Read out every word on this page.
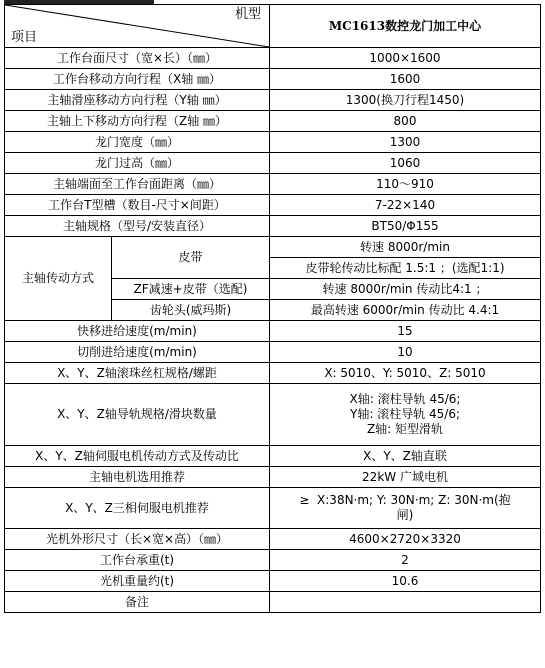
机型
项目		MC1613数控龙门加工中心
工作台面尺寸（宽×长）（㎜）		1000×1600
工作台移动方向行程（X轴 ㎜）		1600
主轴滑座移动方向行程（Y轴 ㎜）		1300(换刀行程1450)
主轴上下移动方向行程（Z轴 ㎜）		800
龙门宽度（㎜）		1300
龙门过高（㎜）		1060
主轴端面至工作台面距离（㎜）		110～910
工作台T型槽（数目-尺寸×间距）		7-22×140
主轴规格（型号/安装直径）		BT50/Φ155
主轴传动方式	皮带	转速 8000r/min
		皮带轮传动比标配 1.5:1 ；(选配1:1)
	ZF减速+皮带（选配)	转速 8000r/min 传动比4:1 ；
	齿轮头(威玛斯)	最高转速 6000r/min 传动比 4.4:1
快移进给速度(m/min)		15
切削进给速度(m/min)		10
X、Y、Z轴滚珠丝杠规格/螺距		X: 5010、Y: 5010、Z: 5010
X、Y、Z轴导轨规格/滑块数量		X轴: 滚柱导轨 45/6;
Y轴: 滚柱导轨 45/6;
Z轴: 矩型滑轨

X、Y、Z轴伺服电机传动方式及传动比		X、Y、Z轴直联
主轴电机选用推荐		22kW 广域电机
X、Y、Z三相伺服电机推荐		≥ X:38N·m; Y: 30N·m; Z: 30N·m(抱
闸)

光机外形尺寸（长×宽×高）（㎜）		4600×2720×3320
工作台承重(t)		2
光机重量约(t)		10.6
备注		
